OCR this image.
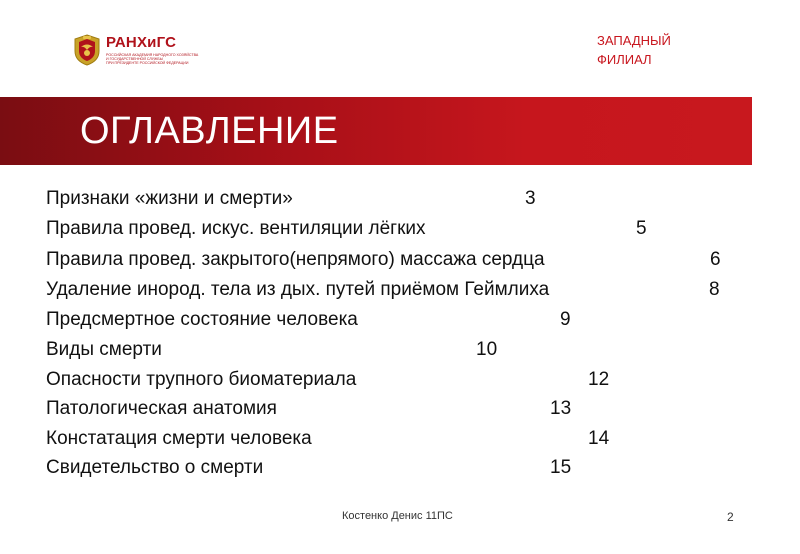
РАНХиГС
РОССИЙСКАЯ АКАДЕМИЯ НАРОДНОГО ХОЗЯЙСТВА
И ГОСУДАРСТВЕННОЙ СЛУЖБЫ
ПРИ ПРЕЗИДЕНТЕ РОССИЙСКОЙ ФЕДЕРАЦИИ
ЗАПАДНЫЙ
ФИЛИАЛ
ОГЛАВЛЕНИЕ
Признаки «жизни и смерти»	3
Правила провед. искус. вентиляции лёгких	5
Правила провед. закрытого(непрямого) массажа сердца	6
Удаление инород. тела из дых. путей приёмом Геймлиха	8
Предсмертное состояние человека	9
Виды смерти	10
Опасности трупного биоматериала	12
Патологическая анатомия	13
Констатация смерти человека	14
Свидетельство о смерти	15
Костенко Денис 11ПС	2
